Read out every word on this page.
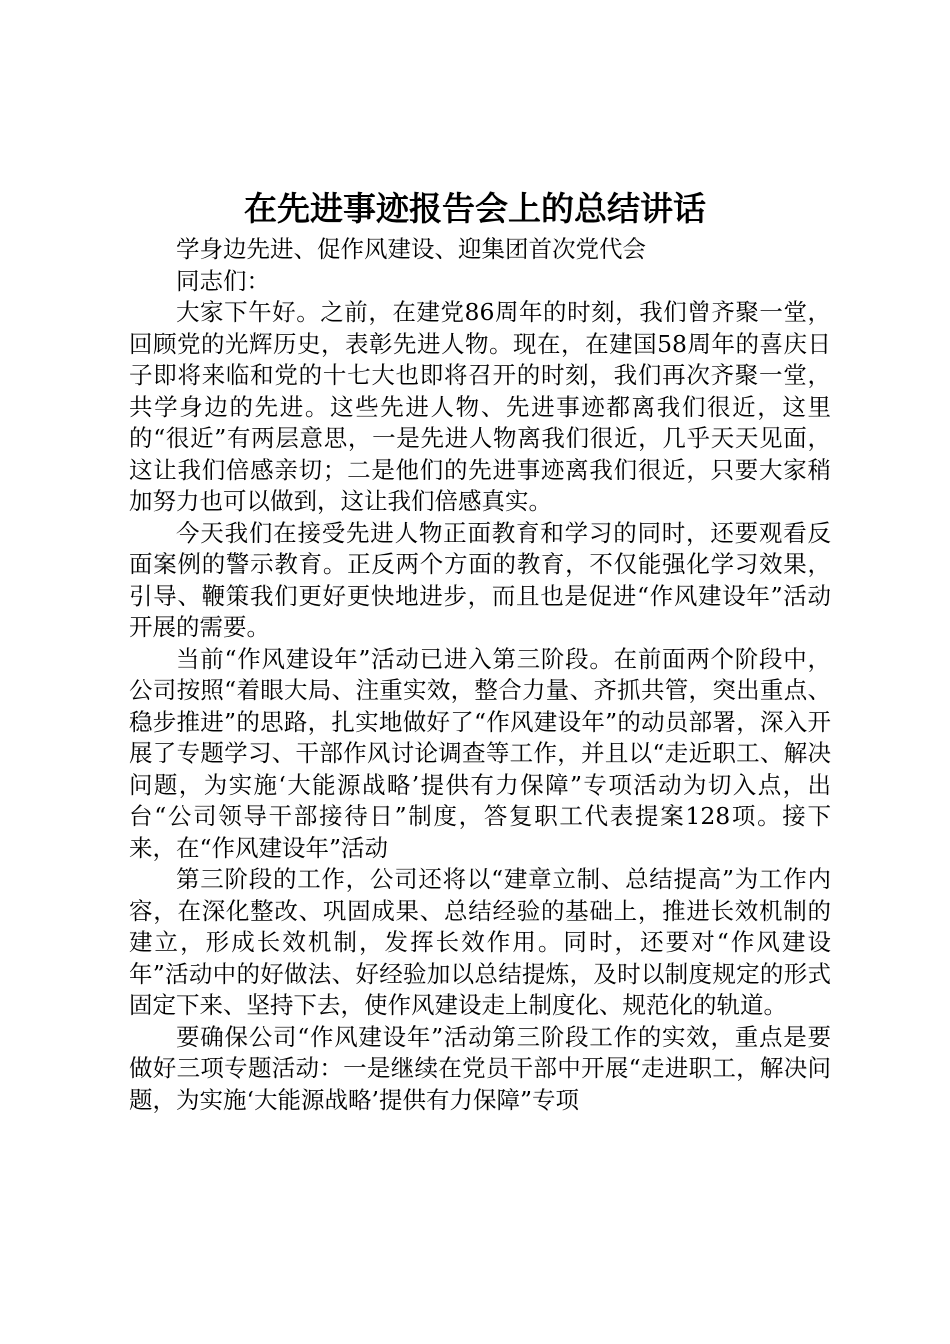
在先进事迹报告会上的总结讲话

学身边先进、促作风建设、迎集团首次党代会

同志们：

大家下午好。之前，在建党86周年的时刻，我们曾齐聚一堂，回顾党的光辉历史，表彰先进人物。现在，在建国58周年的喜庆日子即将来临和党的十七大也即将召开的时刻，我们再次齐聚一堂，共学身边的先进。这些先进人物、先进事迹都离我们很近，这里的“很近”有两层意思，一是先进人物离我们很近，几乎天天见面，这让我们倍感亲切；二是他们的先进事迹离我们很近，只要大家稍加努力也可以做到，这让我们倍感真实。

今天我们在接受先进人物正面教育和学习的同时，还要观看反面案例的警示教育。正反两个方面的教育，不仅能强化学习效果，引导、鞭策我们更好更快地进步，而且也是促进“作风建设年”活动开展的需要。

当前“作风建设年”活动已进入第三阶段。在前面两个阶段中，公司按照“着眼大局、注重实效，整合力量、齐抓共管，突出重点、稳步推进”的思路，扎实地做好了“作风建设年”的动员部署，深入开展了专题学习、干部作风讨论调查等工作，并且以“走近职工、解决问题，为实施‘大能源战略’提供有力保障”专项活动为切入点，出台“公司领导干部接待日”制度，答复职工代表提案128项。接下来，在“作风建设年”活动

第三阶段的工作，公司还将以“建章立制、总结提高”为工作内容，在深化整改、巩固成果、总结经验的基础上，推进长效机制的建立，形成长效机制，发挥长效作用。同时，还要对“作风建设年”活动中的好做法、好经验加以总结提炼，及时以制度规定的形式固定下来、坚持下去，使作风建设走上制度化、规范化的轨道。

要确保公司“作风建设年”活动第三阶段工作的实效，重点是要做好三项专题活动：一是继续在党员干部中开展“走进职工，解决问题，为实施‘大能源战略’提供有力保障”专项
